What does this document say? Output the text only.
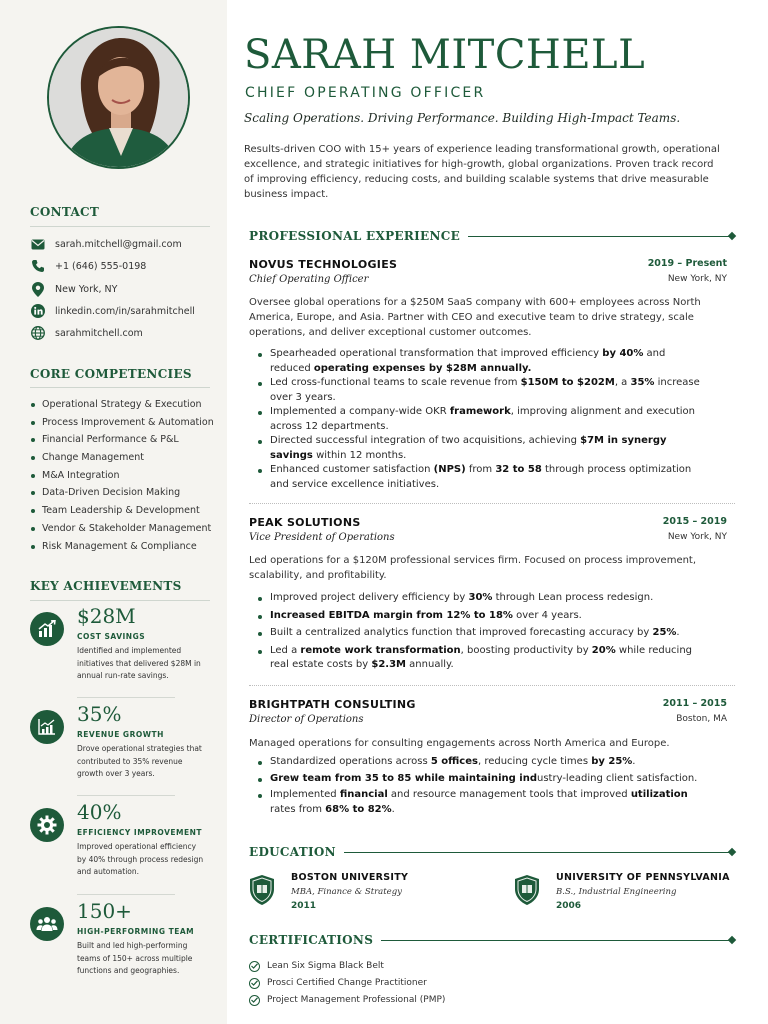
CONTACT
sarah.mitchell@gmail.com
+1 (646) 555-0198
New York, NY
linkedin.com/in/sarahmitchell
sarahmitchell.com
CORE COMPETENCIES
Operational Strategy & Execution
Process Improvement & Automation
Financial Performance & P&L
Change Management
M&A Integration
Data-Driven Decision Making
Team Leadership & Development
Vendor & Stakeholder Management
Risk Management & Compliance
KEY ACHIEVEMENTS
$28M
COST SAVINGS
Identified and implemented initiatives that delivered $28M in annual run-rate savings.
35%
REVENUE GROWTH
Drove operational strategies that contributed to 35% revenue growth over 3 years.
40%
EFFICIENCY IMPROVEMENT
Improved operational efficiency by 40% through process redesign and automation.
150+
HIGH-PERFORMING TEAM
Built and led high-performing teams of 150+ across multiple functions and geographies.
SARAH MITCHELL
CHIEF OPERATING OFFICER
Scaling Operations. Driving Performance. Building High-Impact Teams.
Results-driven COO with 15+ years of experience leading transformational growth, operational excellence, and strategic initiatives for high-growth, global organizations. Proven track record of improving efficiency, reducing costs, and building scalable systems that drive measurable business impact.
PROFESSIONAL EXPERIENCE
NOVUS TECHNOLOGIES	2019 – Present
Chief Operating Officer	New York, NY
Oversee global operations for a $250M SaaS company with 600+ employees across North America, Europe, and Asia. Partner with CEO and executive team to drive strategy, scale operations, and deliver exceptional customer outcomes.
Spearheaded operational transformation that improved efficiency by 40% and reduced operating expenses by $28M annually.
Led cross-functional teams to scale revenue from $150M to $202M, a 35% increase over 3 years.
Implemented a company-wide OKR framework, improving alignment and execution across 12 departments.
Directed successful integration of two acquisitions, achieving $7M in synergy savings within 12 months.
Enhanced customer satisfaction (NPS) from 32 to 58 through process optimization and service excellence initiatives.
PEAK SOLUTIONS	2015 – 2019
Vice President of Operations	New York, NY
Led operations for a $120M professional services firm. Focused on process improvement, scalability, and profitability.
Improved project delivery efficiency by 30% through Lean process redesign.
Increased EBITDA margin from 12% to 18% over 4 years.
Built a centralized analytics function that improved forecasting accuracy by 25%.
Led a remote work transformation, boosting productivity by 20% while reducing real estate costs by $2.3M annually.
BRIGHTPATH CONSULTING	2011 – 2015
Director of Operations	Boston, MA
Managed operations for consulting engagements across North America and Europe.
Standardized operations across 5 offices, reducing cycle times by 25%.
Grew team from 35 to 85 while maintaining industry-leading client satisfaction.
Implemented financial and resource management tools that improved utilization rates from 68% to 82%.
EDUCATION
BOSTON UNIVERSITY
MBA, Finance & Strategy
2011
UNIVERSITY OF PENNSYLVANIA
B.S., Industrial Engineering
2006
CERTIFICATIONS
Lean Six Sigma Black Belt
Prosci Certified Change Practitioner
Project Management Professional (PMP)
